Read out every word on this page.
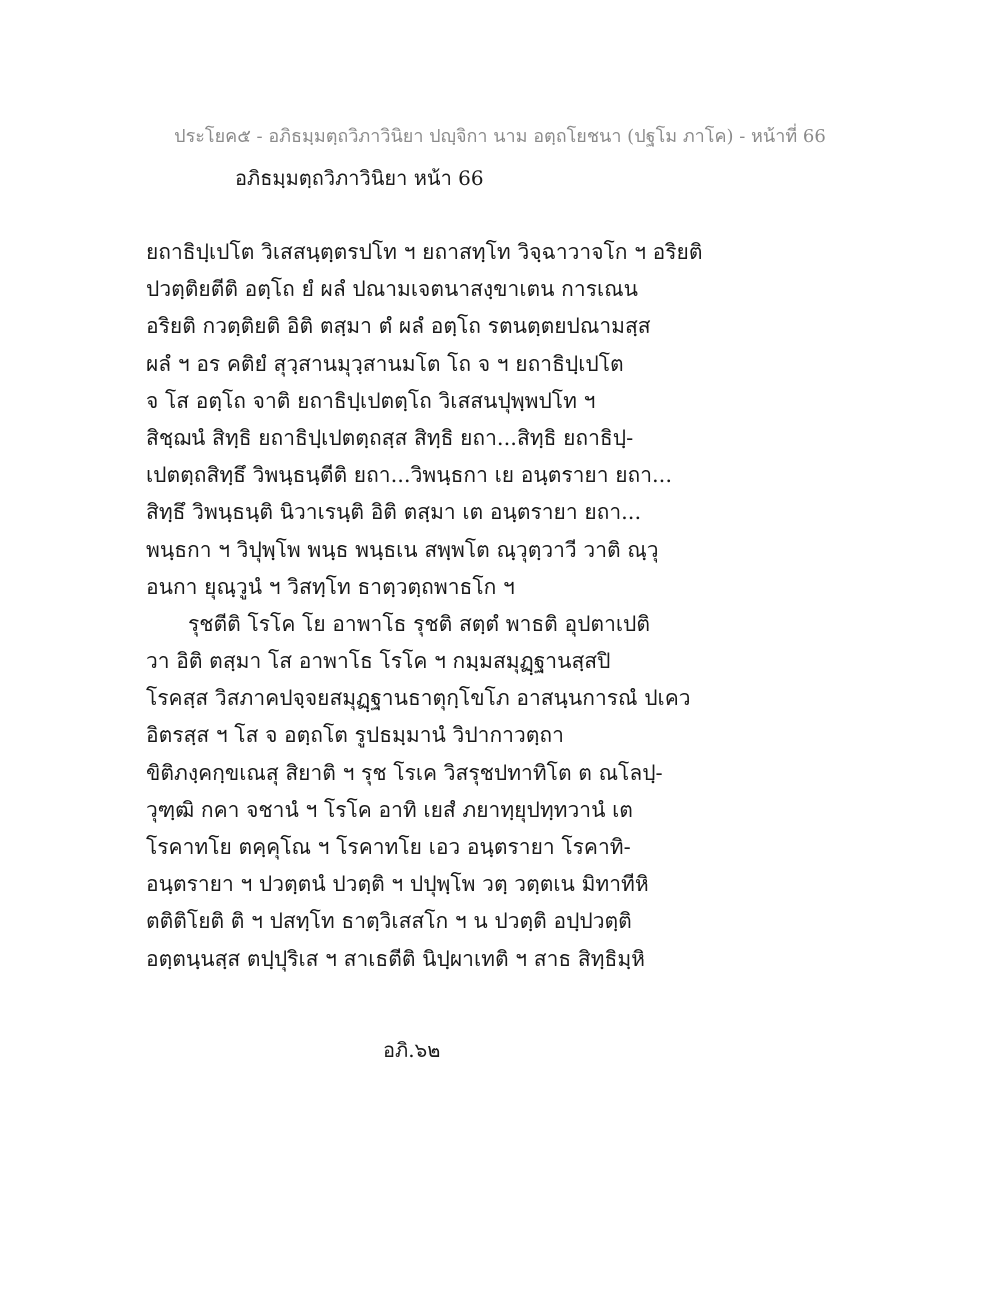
ประโยค๕ - อภิธมฺมตฺถวิภาวินิยา ปญฺจิกา นาม อตฺถโยชนา (ปฐโม ภาโค) - หน้าที่ 66
อภิธมฺมตฺถวิภาวินิยา หน้า 66
ยถาธิปฺเปโต วิเสสนฺตฺตรปโท ฯ ยถาสทฺโท วิจฺฉาวาจโก ฯ อริยติ
ปวตฺติยตีติ อตฺโถ ยํ ผลํ ปณามเจตนาสงฺขาเตน การเณน
อริยติ กวตฺติยติ อิติ ตสฺมา ตํ ผลํ อตฺโถ รตนตฺตยปณามสฺส
ผลํ ฯ อร คติยํ สุวฺสานมุวฺสานมโต โถ จ ฯ ยถาธิปฺเปโต
จ โส อตฺโถ จาติ ยถาธิปฺเปตตฺโถ วิเสสนปุพฺพปโท ฯ
สิชฺฌนํ สิทฺธิ ยถาธิปฺเปตตฺถสฺส สิทฺธิ ยถา...สิทฺธิ ยถาธิปฺ-
เปตตฺถสิทฺธึ วิพนฺธนฺตีติ ยถา...วิพนฺธกา เย อนฺตรายา ยถา...
สิทฺธึ วิพนฺธนฺติ นิวาเรนฺติ อิติ ตสฺมา เต อนฺตรายา ยถา...
พนฺธกา ฯ วิปุพฺโพ พนฺธ พนฺธเน สพฺพโต ณฺวุตฺวาวี วาติ ณฺวุ
อนกา ยุณฺวูนํ ฯ วิสทฺโท ธาตฺวตฺถพาธโก ฯ
รุชตีติ โรโค โย อาพาโธ รุชติ สตฺตํ พาธติ อุปตาเปติ
วา อิติ ตสฺมา โส อาพาโธ โรโค ฯ กมฺมสมุฏฺฐานสฺสปิ
โรคสฺส วิสภาคปจฺจยสมุฏฺฐานธาตุกฺโขโภ อาสนฺนการณํ ปเคว
อิตรสฺส ฯ โส จ อตฺถโต รูปธมฺมานํ วิปากาวตฺถา
ขิติภงฺคกฺขเณสุ สิยาติ ฯ รุช โรเค วิสรุชปทาทิโต ต ณโลปฺ-
วุฑฺฒิ กคา จชานํ ฯ โรโค อาทิ เยสํ ภยาทฺยุปทฺทวานํ เต
โรคาทโย ตคฺคุโณ ฯ โรคาทโย เอว อนฺตรายา โรคาทิ-
อนฺตรายา ฯ ปวตฺตนํ ปวตฺติ ฯ ปปุพฺโพ วตฺ วตฺตเน มิทาทีหิ
ตติติโยติ ติ ฯ ปสทฺโท ธาตฺวิเสสโก ฯ น ปวตฺติ อปฺปวตฺติ
อตฺตนฺนสฺส ตปฺปุริเส ฯ สาเธตีติ นิปฺผาเทติ ฯ สาธ สิทฺธิมฺหิ
อภิ.๖๒
